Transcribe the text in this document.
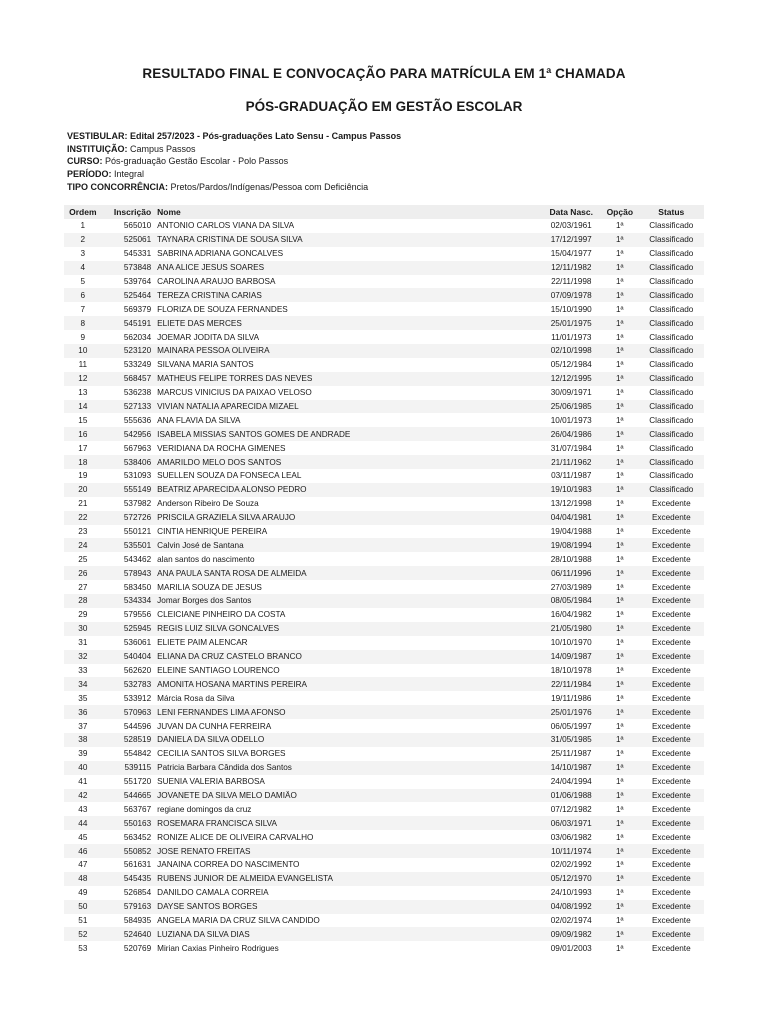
RESULTADO FINAL E CONVOCAÇÃO PARA MATRÍCULA EM 1ª CHAMADA
PÓS-GRADUAÇÃO EM GESTÃO ESCOLAR
VESTIBULAR: Edital 257/2023 - Pós-graduações Lato Sensu - Campus Passos
INSTITUIÇÃO: Campus Passos
CURSO: Pós-graduação Gestão Escolar - Polo Passos
PERÍODO: Integral
TIPO CONCORRÊNCIA: Pretos/Pardos/Indígenas/Pessoa com Deficiência
Ordem	Inscrição Nome	Data Nasc.	Opção	Status
1	565010 ANTONIO CARLOS VIANA DA SILVA	02/03/1961	1ª	Classificado
2	525061 TAYNARA CRISTINA DE SOUSA SILVA	17/12/1997	1ª	Classificado
3	545331 SABRINA ADRIANA GONCALVES	15/04/1977	1ª	Classificado
4	573848 ANA ALICE JESUS SOARES	12/11/1982	1ª	Classificado
5	539764 CAROLINA ARAUJO BARBOSA	22/11/1998	1ª	Classificado
6	525464 TEREZA CRISTINA CARIAS	07/09/1978	1ª	Classificado
7	569379 FLORIZA DE SOUZA FERNANDES	15/10/1990	1ª	Classificado
8	545191 ELIETE DAS MERCES	25/01/1975	1ª	Classificado
9	562034 JOEMAR JODITA DA SILVA	11/01/1973	1ª	Classificado
10	523120 MAINARA PESSOA OLIVEIRA	02/10/1998	1ª	Classificado
11	533249 SILVANA MARIA SANTOS	05/12/1984	1ª	Classificado
12	568457 MATHEUS FELIPE TORRES DAS NEVES	12/12/1995	1ª	Classificado
13	536238 MARCUS VINICIUS DA PAIXAO VELOSO	30/09/1971	1ª	Classificado
14	527133 VIVIAN NATALIA APARECIDA MIZAEL	25/06/1985	1ª	Classificado
15	555636 ANA FLAVIA DA SILVA	10/01/1973	1ª	Classificado
16	542956 ISABELA MISSIAS SANTOS GOMES DE ANDRADE	26/04/1986	1ª	Classificado
17	567963 VERIDIANA DA ROCHA GIMENES	31/07/1984	1ª	Classificado
18	538406 AMARILDO MELO DOS SANTOS	21/11/1962	1ª	Classificado
19	531093 SUELLEN SOUZA DA FONSECA LEAL	03/11/1987	1ª	Classificado
20	555149 BEATRIZ APARECIDA ALONSO PEDRO	19/10/1983	1ª	Classificado
21	537982 Anderson Ribeiro De Souza	13/12/1998	1ª	Excedente
22	572726 PRISCILA GRAZIELA SILVA ARAUJO	04/04/1981	1ª	Excedente
23	550121 CINTIA HENRIQUE PEREIRA	19/04/1988	1ª	Excedente
24	535501 Calvin José de Santana	19/08/1994	1ª	Excedente
25	543462 alan santos do nascimento	28/10/1988	1ª	Excedente
26	578943 ANA PAULA SANTA ROSA DE ALMEIDA	06/11/1996	1ª	Excedente
27	583450 MARILIA SOUZA DE JESUS	27/03/1989	1ª	Excedente
28	534334 Jomar Borges dos Santos	08/05/1984	1ª	Excedente
29	579556 CLEICIANE PINHEIRO DA COSTA	16/04/1982	1ª	Excedente
30	525945 REGIS LUIZ SILVA GONCALVES	21/05/1980	1ª	Excedente
31	536061 ELIETE PAIM ALENCAR	10/10/1970	1ª	Excedente
32	540404 ELIANA DA CRUZ CASTELO BRANCO	14/09/1987	1ª	Excedente
33	562620 ELEINE SANTIAGO LOURENCO	18/10/1978	1ª	Excedente
34	532783 AMONITA HOSANA MARTINS PEREIRA	22/11/1984	1ª	Excedente
35	533912 Márcia Rosa da Silva	19/11/1986	1ª	Excedente
36	570963 LENI FERNANDES LIMA AFONSO	25/01/1976	1ª	Excedente
37	544596 JUVAN DA CUNHA FERREIRA	06/05/1997	1ª	Excedente
38	528519 DANIELA DA SILVA ODELLO	31/05/1985	1ª	Excedente
39	554842 CECILIA SANTOS SILVA BORGES	25/11/1987	1ª	Excedente
40	539115 Patricia Barbara Cândida dos Santos	14/10/1987	1ª	Excedente
41	551720 SUENIA VALERIA BARBOSA	24/04/1994	1ª	Excedente
42	544665 JOVANETE DA SILVA MELO DAMIÃO	01/06/1988	1ª	Excedente
43	563767 regiane domingos da cruz	07/12/1982	1ª	Excedente
44	550163 ROSEMARA FRANCISCA SILVA	06/03/1971	1ª	Excedente
45	563452 RONIZE ALICE DE OLIVEIRA CARVALHO	03/06/1982	1ª	Excedente
46	550852 JOSE RENATO FREITAS	10/11/1974	1ª	Excedente
47	561631 JANAINA CORREA DO NASCIMENTO	02/02/1992	1ª	Excedente
48	545435 RUBENS JUNIOR DE ALMEIDA EVANGELISTA	05/12/1970	1ª	Excedente
49	526854 DANILDO CAMALA CORREIA	24/10/1993	1ª	Excedente
50	579163 DAYSE SANTOS BORGES	04/08/1992	1ª	Excedente
51	584935 ANGELA MARIA DA CRUZ SILVA CANDIDO	02/02/1974	1ª	Excedente
52	524640 LUZIANA DA SILVA DIAS	09/09/1982	1ª	Excedente
53	520769 Mirian Caxias Pinheiro Rodrigues	09/01/2003	1ª	Excedente
